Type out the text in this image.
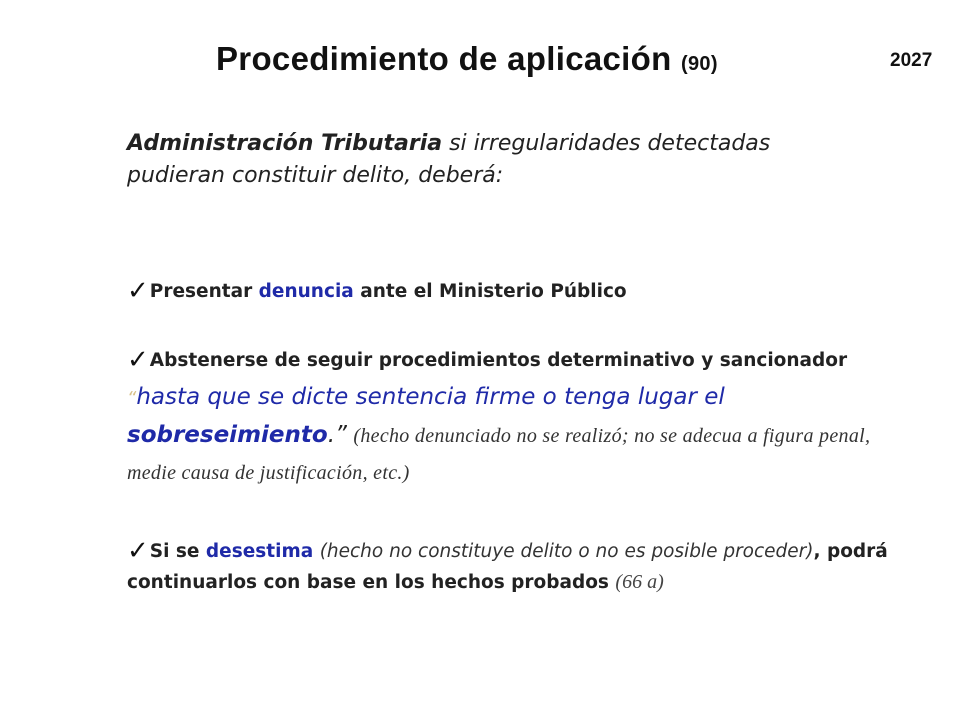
Procedimiento de aplicación (90)	2027
Administración Tributaria si irregularidades detectadas pudieran constituir delito, deberá:
✓Presentar denuncia ante el Ministerio Público
✓Abstenerse de seguir procedimientos determinativo y sancionador
“hasta que se dicte sentencia firme o tenga lugar el
sobreseimiento.” (hecho denunciado no se realizó; no se adecua a figura penal, medie causa de justificación, etc.)
✓Si se desestima (hecho no constituye delito o no es posible proceder), podrá continuarlos con base en los hechos probados (66 a)
